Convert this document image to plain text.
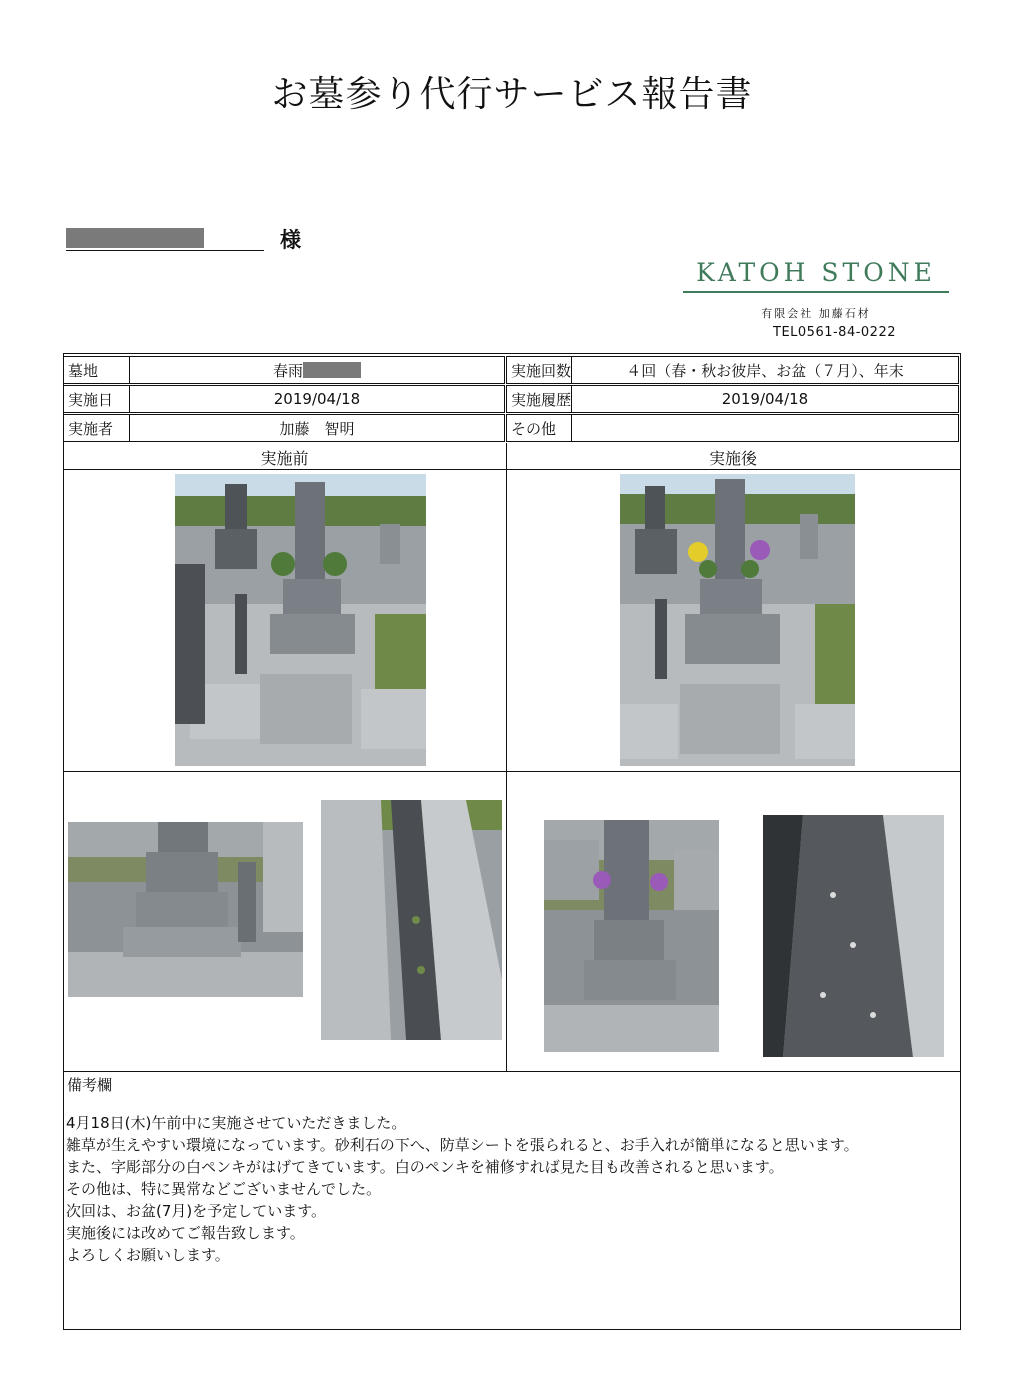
お墓参り代行サービス報告書
様
KATOH STONE
有限会社 加藤石材
TEL0561-84-0222
墓地	春雨	実施回数	４回（春・秋お彼岸、お盆（７月）、年末
実施日	2019/04/18	実施履歴	2019/04/18
実施者	加藤　智明	その他
実施前	実施後
備考欄
4月18日(木)午前中に実施させていただきました。
雑草が生えやすい環境になっています。砂利石の下へ、防草シートを張られると、お手入れが簡単になると思います。
また、字彫部分の白ペンキがはげてきています。白のペンキを補修すれば見た目も改善されると思います。
その他は、特に異常などございませんでした。
次回は、お盆(7月)を予定しています。
実施後には改めてご報告致します。
よろしくお願いします。
